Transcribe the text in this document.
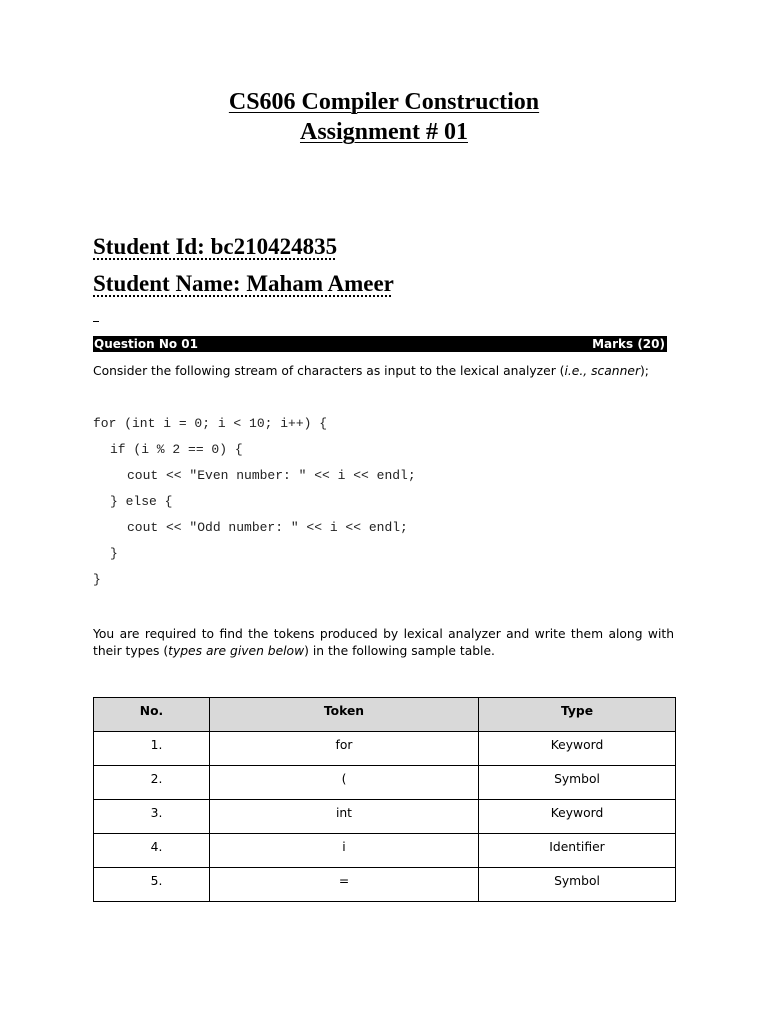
CS606 Compiler Construction
Assignment # 01
Student Id: bc210424835
Student Name: Maham Ameer
Question No 01	Marks (20)
Consider the following stream of characters as input to the lexical analyzer (i.e., scanner);
for (int i = 0; i < 10; i++) {
if (i % 2 == 0) {
cout << "Even number: " << i << endl;
} else {
cout << "Odd number: " << i << endl;
}
}
You are required to find the tokens produced by lexical analyzer and write them along with their types (types are given below) in the following sample table.
No.	Token	Type
1.	for	Keyword
2.	(	Symbol
3.	int	Keyword
4.	i	Identifier
5.	=	Symbol
